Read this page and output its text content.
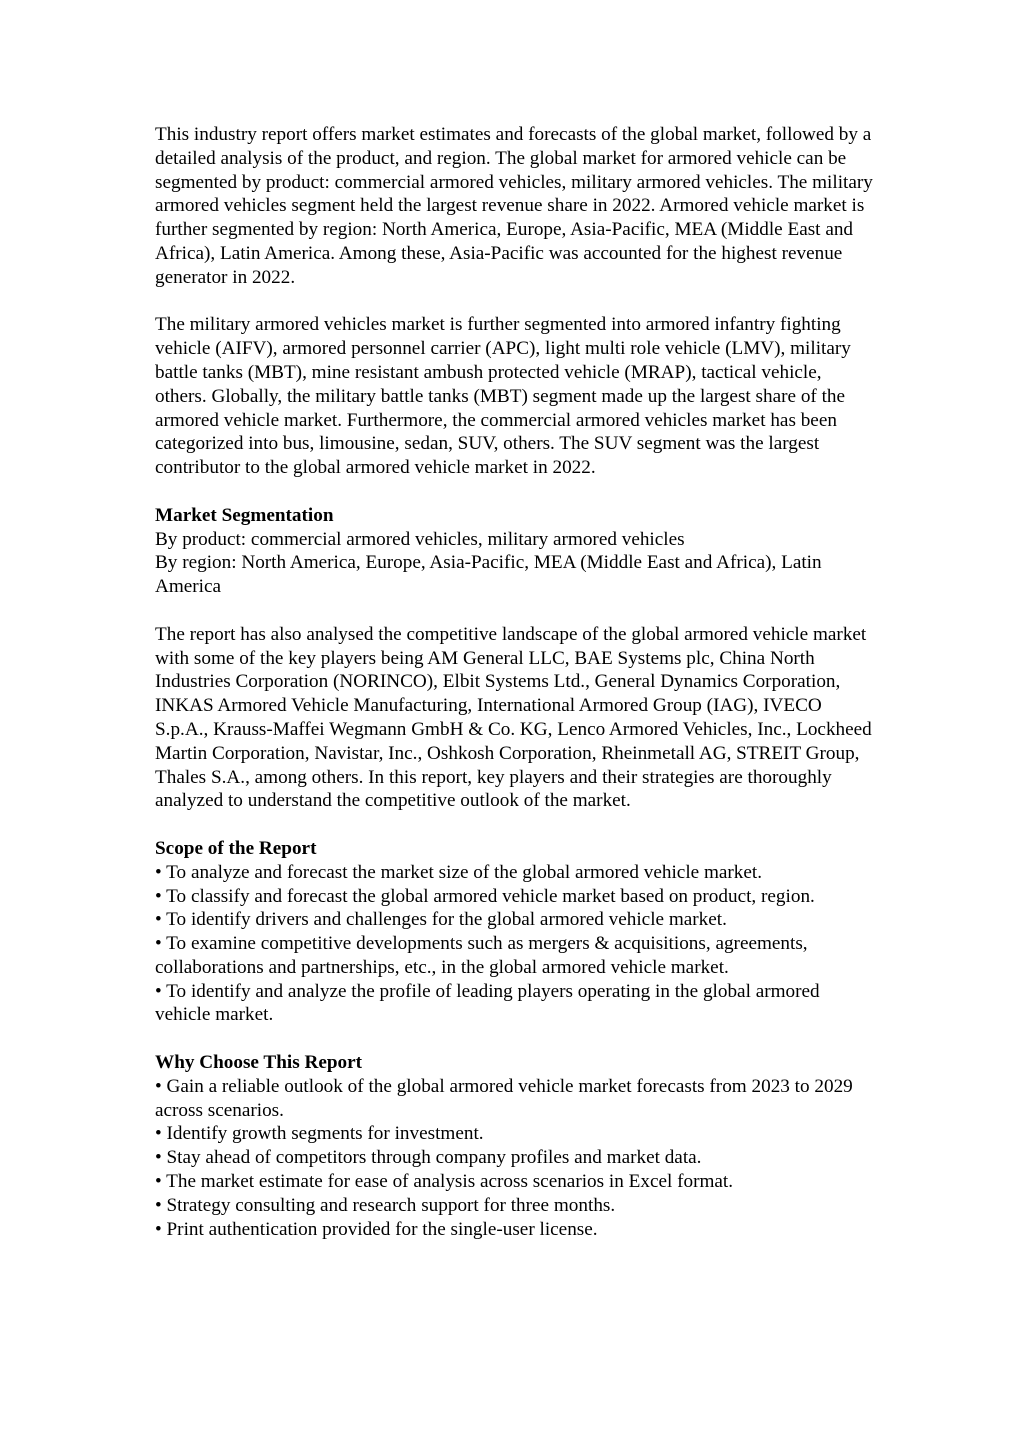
This industry report offers market estimates and forecasts of the global market, followed by a detailed analysis of the product, and region. The global market for armored vehicle can be segmented by product: commercial armored vehicles, military armored vehicles. The military armored vehicles segment held the largest revenue share in 2022. Armored vehicle market is further segmented by region: North America, Europe, Asia-Pacific, MEA (Middle East and Africa), Latin America. Among these, Asia-Pacific was accounted for the highest revenue generator in 2022.

The military armored vehicles market is further segmented into armored infantry fighting vehicle (AIFV), armored personnel carrier (APC), light multi role vehicle (LMV), military battle tanks (MBT), mine resistant ambush protected vehicle (MRAP), tactical vehicle, others. Globally, the military battle tanks (MBT) segment made up the largest share of the armored vehicle market. Furthermore, the commercial armored vehicles market has been categorized into bus, limousine, sedan, SUV, others. The SUV segment was the largest contributor to the global armored vehicle market in 2022.

Market Segmentation
By product: commercial armored vehicles, military armored vehicles
By region: North America, Europe, Asia-Pacific, MEA (Middle East and Africa), Latin America

The report has also analysed the competitive landscape of the global armored vehicle market with some of the key players being AM General LLC, BAE Systems plc, China North Industries Corporation (NORINCO), Elbit Systems Ltd., General Dynamics Corporation, INKAS Armored Vehicle Manufacturing, International Armored Group (IAG), IVECO S.p.A., Krauss-Maffei Wegmann GmbH & Co. KG, Lenco Armored Vehicles, Inc., Lockheed Martin Corporation, Navistar, Inc., Oshkosh Corporation, Rheinmetall AG, STREIT Group, Thales S.A., among others. In this report, key players and their strategies are thoroughly analyzed to understand the competitive outlook of the market.

Scope of the Report
• To analyze and forecast the market size of the global armored vehicle market.
• To classify and forecast the global armored vehicle market based on product, region.
• To identify drivers and challenges for the global armored vehicle market.
• To examine competitive developments such as mergers & acquisitions, agreements, collaborations and partnerships, etc., in the global armored vehicle market.
• To identify and analyze the profile of leading players operating in the global armored vehicle market.
Why Choose This Report
• Gain a reliable outlook of the global armored vehicle market forecasts from 2023 to 2029 across scenarios.
• Identify growth segments for investment.
• Stay ahead of competitors through company profiles and market data.
• The market estimate for ease of analysis across scenarios in Excel format.
• Strategy consulting and research support for three months.
• Print authentication provided for the single-user license.
